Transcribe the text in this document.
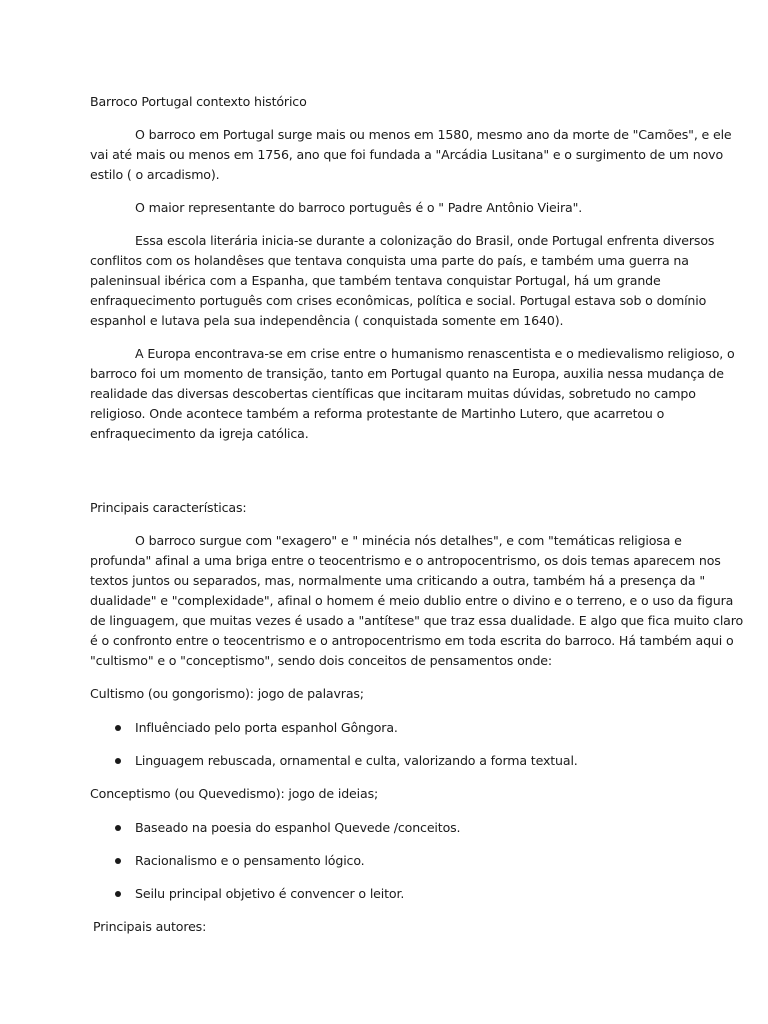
Barroco Portugal contexto histórico

O barroco em Portugal surge mais ou menos em 1580, mesmo ano da morte de "Camões", e ele

vai até mais ou menos em 1756, ano que foi fundada a "Arcádia Lusitana" e o surgimento de um novo

estilo ( o arcadismo).

O maior representante do barroco português é o " Padre Antônio Vieira".

Essa escola literária inicia-se durante a colonização do Brasil, onde Portugal enfrenta diversos

conflitos com os holandêses que tentava conquista uma parte do país, e também uma guerra na

paleninsual ibérica com a Espanha, que também tentava conquistar Portugal, há um grande

enfraquecimento português com crises econômicas, política e social. Portugal estava sob o domínio

espanhol e lutava pela sua independência ( conquistada somente em 1640).

A Europa encontrava-se em crise entre o humanismo renascentista e o medievalismo religioso, o

barroco foi um momento de transição, tanto em Portugal quanto na Europa, auxilia nessa mudança de

realidade das diversas descobertas científicas que incitaram muitas dúvidas, sobretudo no campo

religioso. Onde acontece também a reforma protestante de Martinho Lutero, que acarretou o

enfraquecimento da igreja católica.

Principais características:

O barroco surgue com "exagero" e " minécia nós detalhes", e com "temáticas religiosa e

profunda" afinal a uma briga entre o teocentrismo e o antropocentrismo, os dois temas aparecem nos

textos juntos ou separados, mas, normalmente uma criticando a outra, também há a presença da "

dualidade" e "complexidade", afinal o homem é meio dublio entre o divino e o terreno, e o uso da figura

de linguagem, que muitas vezes é usado a "antítese" que traz essa dualidade. E algo que fica muito claro

é o confronto entre o teocentrismo e o antropocentrismo em toda escrita do barroco. Há também aqui o

"cultismo" e o "conceptismo", sendo dois conceitos de pensamentos onde:

Cultismo (ou gongorismo): jogo de palavras;

Influênciado pelo porta espanhol Gôngora.
Linguagem rebuscada, ornamental e culta, valorizando a forma textual.

Conceptismo (ou Quevedismo): jogo de ideias;

Baseado na poesia do espanhol Quevede /conceitos.
Racionalismo e o pensamento lógico.
Seilu principal objetivo é convencer o leitor.

Principais autores:
